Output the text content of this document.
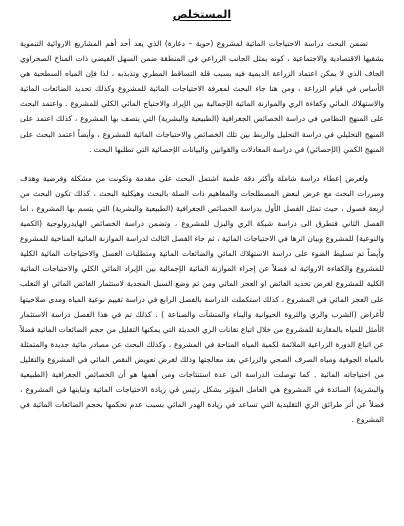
المستخلص

تضمن البحث دراسة الاحتياجات المائية لمشروع (حوية – دغارة) الذي يعد أحد أهم المشاريع الاروائية التنموية بشقيها الاقتصادية والاجتماعية ، كونه يمثل الجانب الزراعي في المنطقة ضمن السهل الفيضي ذات المناخ الصحراوي الجاف الذي لا يمكن اعتماد الزراعة الديمية فيه بسبب قلة التساقط المطري وتذبذبه ، لذا فإن المياه السطحية هي الأساس في قيام الزراعة ، ومن هنا جاء البحث لمعرفة الاحتياجات المائية للمشروع وكذلك تحديد الضائعات المائية والاستهلاك المائي وكفاءة الري والموازنة المائية الإجمالية بين الإيراد والاحتياج المائي الكلي للمشروع . واعتمد البحث على المنهج النظامي في دراسة الخصائص الجغرافية (الطبيعية والبشرية) التي يتصف بها المشروع ، كذلك اعتمد على المنهج التحليلي في دراسة التحليل والربط بين تلك الخصائص والاحتياجات المائية للمشروع ، وأيضاً اعتمد البحث على المنهج الكمي (الإحصائي) في دراسة المعادلات والقوانين والبيانات الإحصائية التي تطلبها البحث .

ولغرض إعطاء دراسة شاملة وأكثر دقة علمية اشتمل البحث على مقدمة وتكونت من مشكلة وفرضية وهدف ومبررات البحث مع عرض لبعض المصطلحات والمفاهيم ذات الصلة بالبحث وهيكلية البحث ، كذلك تكون البحث من اربعة فصول ، حيث تمثل الفصل الأول بدراسة الخصائص الجغرافية (الطبيعية والبشرية) التي يتسم بها المشروع ، اما الفصل الثاني فتطرق الى دراسة شبكة الري والبزل للمشروع ، وتضمن دراسة الخصائص الهايدرولوجية (الكمية والنوعية) للمشروع وبيان اثرها في الاحتياجات المائية ، ثم جاء الفصل الثالث لدراسة الموازنة المائية المناخية للمشروع وأيضاً تم تسليط الضوء على دراسة الاستهلاك المائي والضائعات المائية ومتطلبات الغسل والاحتياجات المائية الكلية للمشروع والكفاءة الاروائية له فضلاً عن إجراء الموازنة المائية الإجمالية بين الإيراد المائي الكلي والاحتياجات المائية الكلية للمشروع لغرض تحديد الفائض او العجز المائي ومن ثم وضع السبل المجدية لاستثمار الفائض المائي او التغلب على العجز المائي في المشروع ، كذلك استكملت الدراسة بالفصل الرابع في دراسة تقييم نوعية المياه ومدى صلاحيتها لأغراض (الشرب والري والثروة الحيوانية والبناء والمنشآت والصناعة ) . كذلك تم في هذا الفصل دراسة الاستثمار الأمثل للمياه بالمقارنة للمشروع من خلال اتباع تقانات الري الحديثة التي يمكنها التقليل من حجم الضائعات المائية فضلاً عن اتباع الدورة الزراعية الملائمة لكمية المياه المتاحة في المشروع ، وكذلك البحث عن مصادر مائية جديدة والمتمثلة بالمياه الجوفية ومياه الصرف الصحي والزراعي بعد معالجتها وذلك لغرض تعويض النقص المائي في المشروع والتقليل من احتياجاته المائية . كما توصلت الدراسة الى عدة استنتاجات ومن أهمها هو أن الخصائص الجغرافية (الطبيعية والبشرية) السائدة في المشروع هي العامل المؤثر بشكل رئيس في زيادة الاحتياجات المائية وتباينها في المشروع ، فضلاً عن أثر طرائق الري التقليدية التي تساعد في زيادة الهدر المائي بسبب عدم تحكمها بحجم الضائعات المائية في المشروع .
